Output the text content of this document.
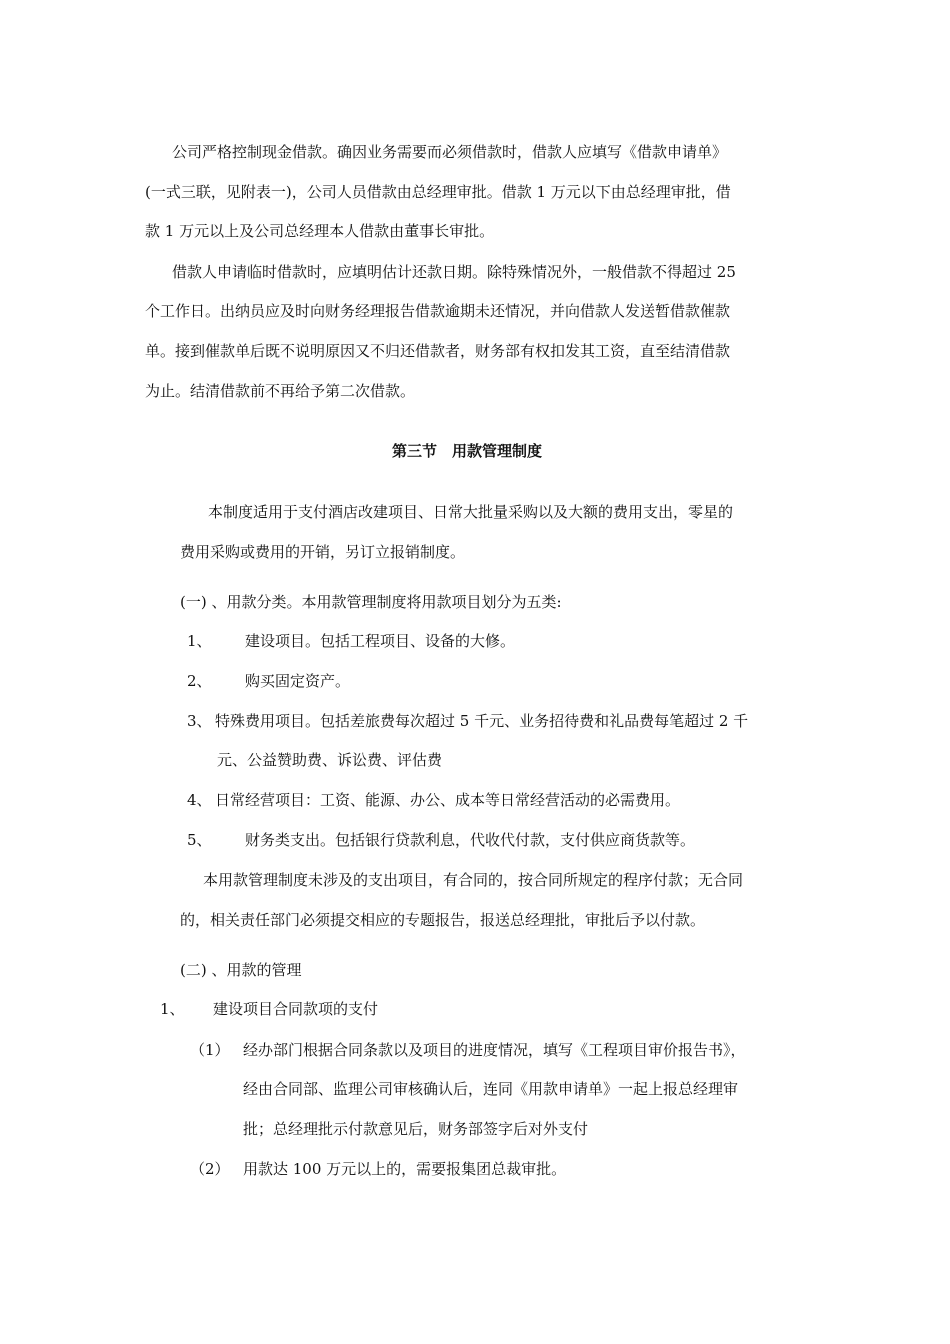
公司严格控制现金借款。确因业务需要而必须借款时，借款人应填写《借款申请单》
(一式三联，见附表一)，公司人员借款由总经理审批。借款 1 万元以下由总经理审批，借
款 1 万元以上及公司总经理本人借款由董事长审批。
借款人申请临时借款时，应填明估计还款日期。除特殊情况外，一般借款不得超过 25
个工作日。出纳员应及时向财务经理报告借款逾期未还情况，并向借款人发送暂借款催款
单。接到催款单后既不说明原因又不归还借款者，财务部有权扣发其工资，直至结清借款
为止。结清借款前不再给予第二次借款。
第三节　用款管理制度
本制度适用于支付酒店改建项目、日常大批量采购以及大额的费用支出，零星的
费用采购或费用的开销，另订立报销制度。
(一) 、用款分类。本用款管理制度将用款项目划分为五类:
1、 建设项目。包括工程项目、设备的大修。
2、 购买固定资产。
3、 特殊费用项目。包括差旅费每次超过 5 千元、业务招待费和礼品费每笔超过 2 千
元、公益赞助费、诉讼费、评估费
4、 日常经营项目：工资、能源、办公、成本等日常经营活动的必需费用。
5、 财务类支出。包括银行贷款利息，代收代付款，支付供应商货款等。
本用款管理制度未涉及的支出项目，有合同的，按合同所规定的程序付款；无合同
的，相关责任部门必须提交相应的专题报告，报送总经理批，审批后予以付款。
(二) 、用款的管理
1、 建设项目合同款项的支付
（1） 经办部门根据合同条款以及项目的进度情况，填写《工程项目审价报告书》，
经由合同部、监理公司审核确认后，连同《用款申请单》一起上报总经理审
批；总经理批示付款意见后，财务部签字后对外支付
（2） 用款达 100 万元以上的，需要报集团总裁审批。
